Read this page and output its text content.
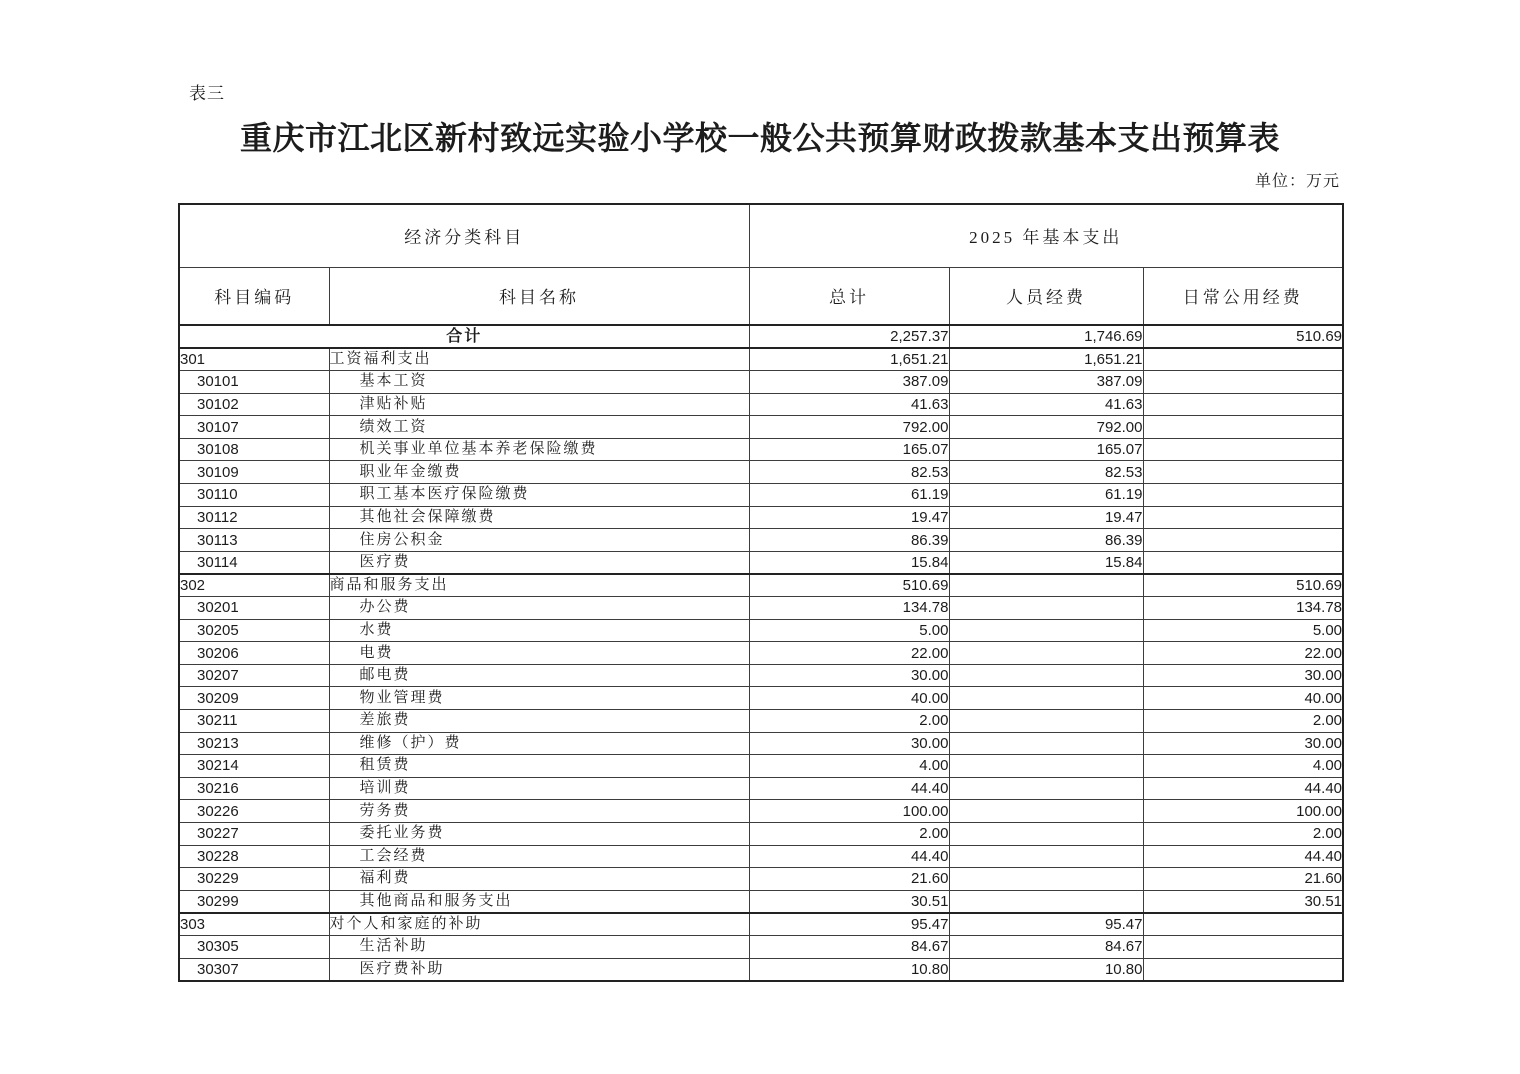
表三
重庆市江北区新村致远实验小学校一般公共预算财政拨款基本支出预算表
单位：万元
经济分类科目		2025 年基本支出		
科目编码	科目名称	总计	人员经费	日常公用经费
合计		2,257.37	1,746.69	510.69
301	工资福利支出	1,651.21	1,651.21	
30101	基本工资	387.09	387.09	
30102	津贴补贴	41.63	41.63	
30107	绩效工资	792.00	792.00	
30108	机关事业单位基本养老保险缴费	165.07	165.07	
30109	职业年金缴费	82.53	82.53	
30110	职工基本医疗保险缴费	61.19	61.19	
30112	其他社会保障缴费	19.47	19.47	
30113	住房公积金	86.39	86.39	
30114	医疗费	15.84	15.84	
302	商品和服务支出	510.69		510.69
30201	办公费	134.78		134.78
30205	水费	5.00		5.00
30206	电费	22.00		22.00
30207	邮电费	30.00		30.00
30209	物业管理费	40.00		40.00
30211	差旅费	2.00		2.00
30213	维修（护）费	30.00		30.00
30214	租赁费	4.00		4.00
30216	培训费	44.40		44.40
30226	劳务费	100.00		100.00
30227	委托业务费	2.00		2.00
30228	工会经费	44.40		44.40
30229	福利费	21.60		21.60
30299	其他商品和服务支出	30.51		30.51
303	对个人和家庭的补助	95.47	95.47	
30305	生活补助	84.67	84.67	
30307	医疗费补助	10.80	10.80	
